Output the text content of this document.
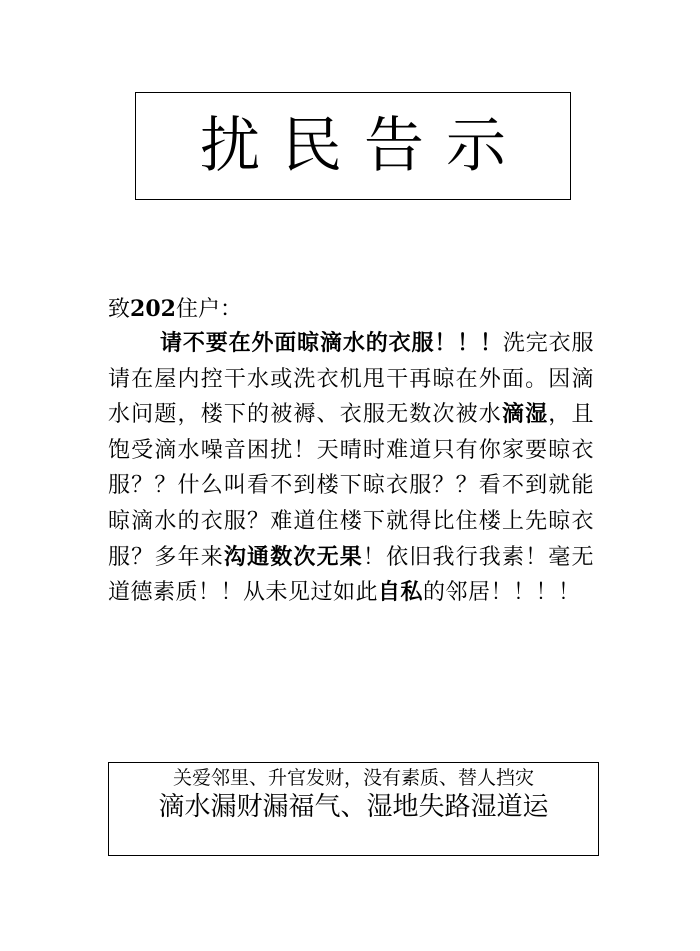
扰民告示

致202住户：

请不要在外面晾滴水的衣服！！！洗完衣服请在屋内控干水或洗衣机甩干再晾在外面。因滴水问题，楼下的被褥、衣服无数次被水滴湿，且饱受滴水噪音困扰！天晴时难道只有你家要晾衣服？？什么叫看不到楼下晾衣服？？看不到就能晾滴水的衣服？难道住楼下就得比住楼上先晾衣服？多年来沟通数次无果！依旧我行我素！毫无道德素质！！从未见过如此自私的邻居！！！！

关爱邻里、升官发财，没有素质、替人挡灾
滴水漏财漏福气、湿地失路湿道运
